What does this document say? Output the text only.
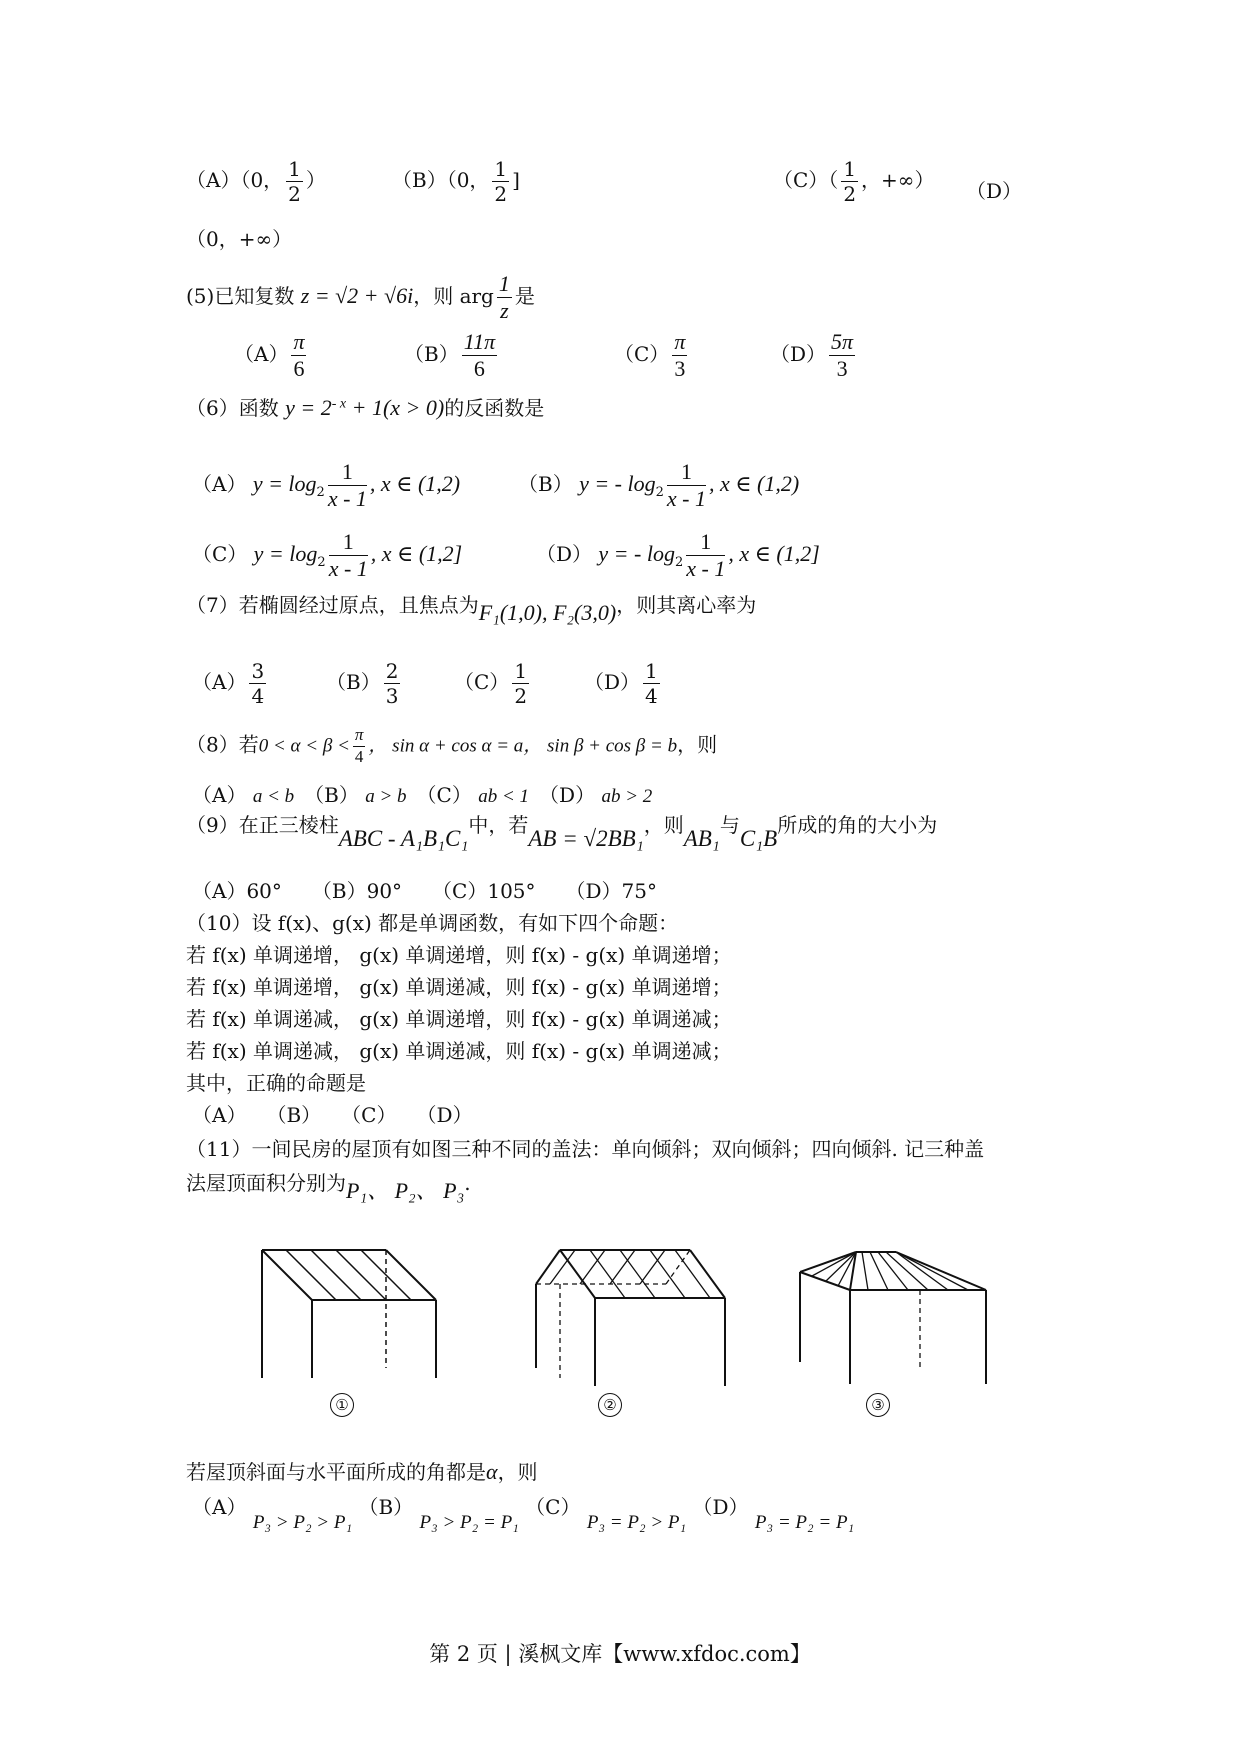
（A）（0， $\frac{1}{2}$ ）	（B）（0， $\frac{1}{2}$ ]	$(C)( \frac{1}{2}$ ，+∞） （D）
（0，+∞）
(5)已知复数 z = √2 + √6i，则 arg $\frac{1}{z}$ 是
$(A) \frac{\pi}{6}$	$(B) \frac{11\pi}{6}$	$(C) \frac{\pi}{3}$	$(D) \frac{5\pi}{3}$
（6）函数 $y = 2^{- x} + 1(x > 0)$的反函数是
（A） $y = \log_2 \frac{1}{x - 1}$ , x ∈ (1,2)	（B） y = - $\log_2 \frac{1}{x - 1}$ , x ∈ (1,2)
（C） $y = \log_2 \frac{1}{x - 1}$ , x ∈ (1,2]	（D） y = - $\log_2 \frac{1}{x - 1}$ , x ∈ (1,2]
（7）若椭圆经过原点，且焦点为F₁(1,0), F₂(3,0)，则其离心率为
$(A) \frac{3}{4}$	$(B) \frac{2}{3}$	$(C) \frac{1}{2}$	$(D) \frac{1}{4}$
（8）若$0 < \alpha < \beta < \frac{\pi}{4}$ ， sin α + cos α = a， sin β + cos β = b，则
（A） a < b　 （B） a > b　 （C） ab < 1　 （D） ab > 2
（9）在正三棱柱ABC - A₁B₁C₁中，若AB = √2BB₁，则AB₁与C₁B所成的角的大小为
（A）60°　　（B）90°　　（C）105°　　（D）75°
（10）设 f(x)、g(x) 都是单调函数，有如下四个命题：
若 f(x) 单调递增， g(x) 单调递增，则 f(x) - g(x) 单调递增；
若 f(x) 单调递增， g(x) 单调递减，则 f(x) - g(x) 单调递增；
若 f(x) 单调递减， g(x) 单调递增，则 f(x) - g(x) 单调递减；
若 f(x) 单调递减， g(x) 单调递减，则 f(x) - g(x) 单调递减；
其中，正确的命题是
（A）　　（B）　　（C）　　（D）
（11）一间民房的屋顶有如图三种不同的盖法：单向倾斜；双向倾斜；四向倾斜. 记三种盖
法屋顶面积分别为P₁、 P₂、 P₃.
①	②	③
若屋顶斜面与水平面所成的角都是α，则
（A） P₃ > P₂ > P₁ （B） P₃ > P₂ = P₁ （C） P₃ = P₂ > P₁ （D） P₃ = P₂ = P₁
第 2 页 | 溪枫文库【www.xfdoc.com】
